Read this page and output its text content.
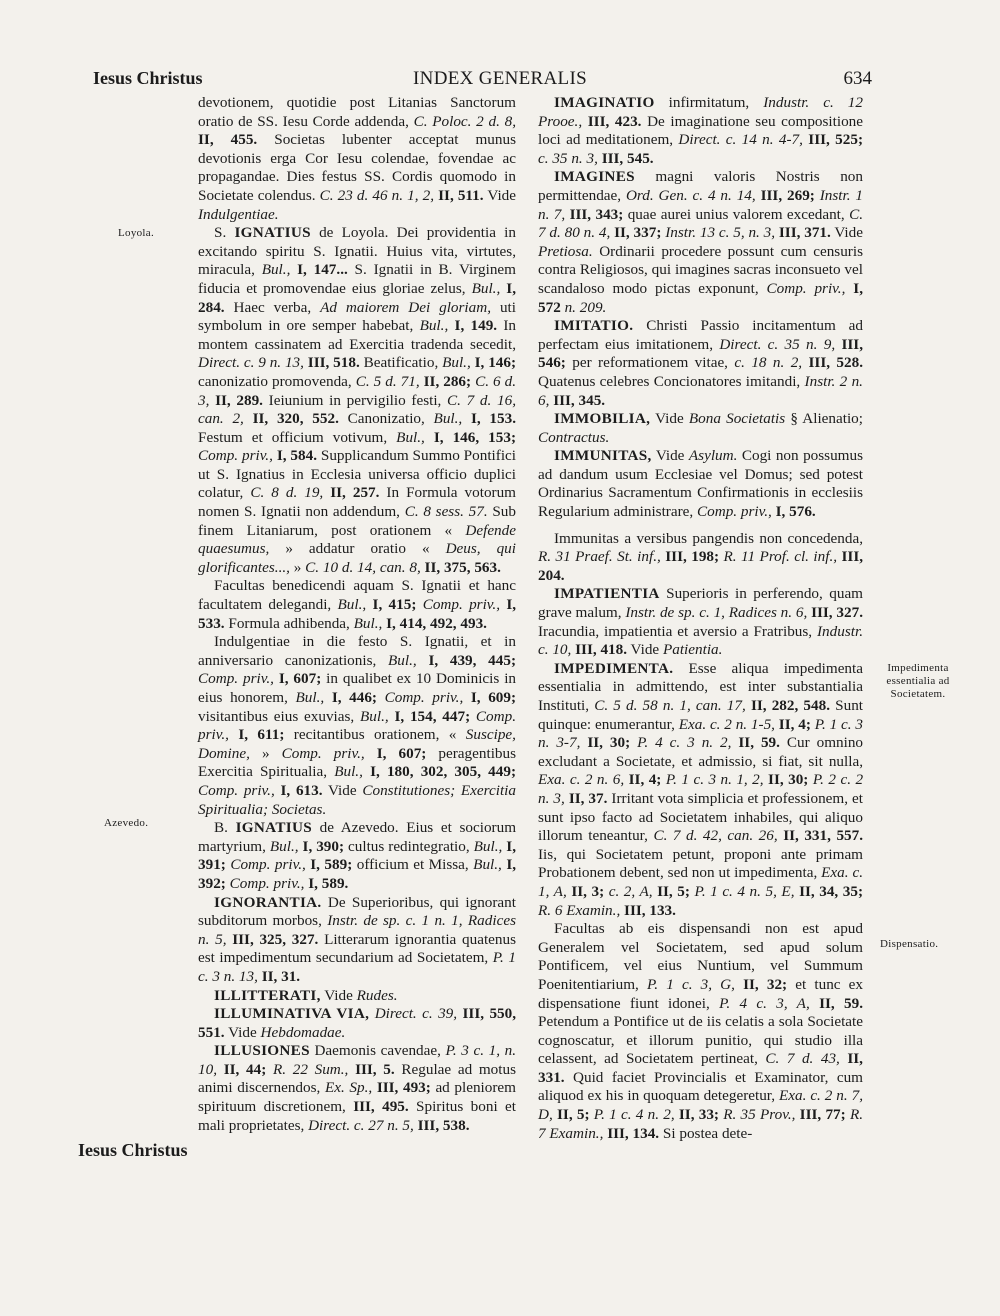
Iesus Christus	INDEX GENERALIS	634

devotionem, quotidie post Litanias Sanctorum oratio de SS. Iesu Corde addenda, C. Poloc. 2 d. 8, II, 455. Societas lubenter acceptat munus devotionis erga Cor Iesu colendae, fovendae ac propagandae. Dies festus SS. Cordis quomodo in Societate colendus. C. 23 d. 46 n. 1, 2, II, 511. Vide Indulgentiae.

S. IGNATIUS de Loyola. Dei providentia in excitando spiritu S. Ignatii. Huius vita, virtutes, miracula, Bul., I, 147... S. Ignatii in B. Virginem fiducia et promovendae eius gloriae zelus, Bul., I, 284. Haec verba, Ad maiorem Dei gloriam, uti symbolum in ore semper habebat, Bul., I, 149. In montem cassinatem ad Exercitia tradenda secedit, Direct. c. 9 n. 13, III, 518. Beatificatio, Bul., I, 146; canonizatio promovenda, C. 5 d. 71, II, 286; C. 6 d. 3, II, 289. Ieiunium in pervigilio festi, C. 7 d. 16, can. 2, II, 320, 552. Canonizatio, Bul., I, 153. Festum et officium votivum, Bul., I, 146, 153; Comp. priv., I, 584. Supplicandum Summo Pontifici ut S. Ignatius in Ecclesia universa officio duplici colatur, C. 8 d. 19, II, 257. In Formula votorum nomen S. Ignatii non addendum, C. 8 sess. 57. Sub finem Litaniarum, post orationem « Defende quaesumus, » addatur oratio « Deus, qui glorificantes..., » C. 10 d. 14, can. 8, II, 375, 563.

Facultas benedicendi aquam S. Ignatii et hanc facultatem delegandi, Bul., I, 415; Comp. priv., I, 533. Formula adhibenda, Bul., I, 414, 492, 493.

Indulgentiae in die festo S. Ignatii, et in anniversario canonizationis, Bul., I, 439, 445; Comp. priv., I, 607; in qualibet ex 10 Dominicis in eius honorem, Bul., I, 446; Comp. priv., I, 609; visitantibus eius exuvias, Bul., I, 154, 447; Comp. priv., I, 611; recitantibus orationem, « Suscipe, Domine, » Comp. priv., I, 607; peragentibus Exercitia Spiritualia, Bul., I, 180, 302, 305, 449; Comp. priv., I, 613. Vide Constitutiones; Exercitia Spiritualia; Societas.

B. IGNATIUS de Azevedo. Eius et sociorum martyrium, Bul., I, 390; cultus redintegratio, Bul., I, 391; Comp. priv., I, 589; officium et Missa, Bul., I, 392; Comp. priv., I, 589.

IGNORANTIA. De Superioribus, qui ignorant subditorum morbos, Instr. de sp. c. 1 n. 1, Radices n. 5, III, 325, 327. Litterarum ignorantia quatenus est impedimentum secundarium ad Societatem, P. 1 c. 3 n. 13, II, 31.

ILLITTERATI, Vide Rudes.

ILLUMINATIVA VIA, Direct. c. 39, III, 550, 551. Vide Hebdomadae.

ILLUSIONES Daemonis cavendae, P. 3 c. 1, n. 10, II, 44; R. 22 Sum., III, 5. Regulae ad motus animi discernendos, Ex. Sp., III, 493; ad pleniorem spirituum discretionem, III, 495. Spiritus boni et mali proprietates, Direct. c. 27 n. 5, III, 538.

IMAGINATIO infirmitatum, Industr. c. 12 Prooe., III, 423. De imaginatione seu compositione loci ad meditationem, Direct. c. 14 n. 4-7, III, 525; c. 35 n. 3, III, 545.

IMAGINES magni valoris Nostris non permittendae, Ord. Gen. c. 4 n. 14, III, 269; Instr. 1 n. 7, III, 343; quae aurei unius valorem excedant, C. 7 d. 80 n. 4, II, 337; Instr. 13 c. 5, n. 3, III, 371. Vide Pretiosa. Ordinarii procedere possunt cum censuris contra Religiosos, qui imagines sacras inconsueto vel scandaloso modo pictas exponunt, Comp. priv., I, 572 n. 209.

IMITATIO. Christi Passio incitamentum ad perfectam eius imitationem, Direct. c. 35 n. 9, III, 546; per reformationem vitae, c. 18 n. 2, III, 528. Quatenus celebres Concionatores imitandi, Instr. 2 n. 6, III, 345.

IMMOBILIA, Vide Bona Societatis § Alienatio; Contractus.

IMMUNITAS, Vide Asylum. Cogi non possumus ad dandum usum Ecclesiae vel Domus; sed potest Ordinarius Sacramentum Confirmationis in ecclesiis Regularium administrare, Comp. priv., I, 576.

Immunitas a versibus pangendis non concedenda, R. 31 Praef. St. inf., III, 198; R. 11 Prof. cl. inf., III, 204.

IMPATIENTIA Superioris in perferendo, quam grave malum, Instr. de sp. c. 1, Radices n. 6, III, 327. Iracundia, impatientia et aversio a Fratribus, Industr. c. 10, III, 418. Vide Patientia.

IMPEDIMENTA. Esse aliqua impedimenta essentialia in admittendo, est inter substantialia Instituti, C. 5 d. 58 n. 1, can. 17, II, 282, 548. Sunt quinque: enumerantur, Exa. c. 2 n. 1-5, II, 4; P. 1 c. 3 n. 3-7, II, 30; P. 4 c. 3 n. 2, II, 59. Cur omnino excludant a Societate, et admissio, si fiat, sit nulla, Exa. c. 2 n. 6, II, 4; P. 1 c. 3 n. 1, 2, II, 30; P. 2 c. 2 n. 3, II, 37. Irritant vota simplicia et professionem, et sunt ipso facto ad Societatem inhabiles, qui aliquo illorum teneantur, C. 7 d. 42, can. 26, II, 331, 557. Iis, qui Societatem petunt, proponi ante primam Probationem debent, sed non ut impedimenta, Exa. c. 1, A, II, 3; c. 2, A, II, 5; P. 1 c. 4 n. 5, E, II, 34, 35; R. 6 Examin., III, 133.

Facultas ab eis dispensandi non est apud Generalem vel Societatem, sed apud solum Pontificem, vel eius Nuntium, vel Summum Poenitentiarium, P. 1 c. 3, G, II, 32; et tunc ex dispensatione fiunt idonei, P. 4 c. 3, A, II, 59. Petendum a Pontifice ut de iis celatis a sola Societate cognoscatur, et illorum punitio, qui studio illa celassent, ad Societatem pertineat, C. 7 d. 43, II, 331. Quid faciet Provincialis et Examinator, cum aliquod ex his in quoquam detegeretur, Exa. c. 2 n. 7, D, II, 5; P. 1 c. 4 n. 2, II, 33; R. 35 Prov., III, 77; R. 7 Examin., III, 134. Si postea dete-

Loyola.
Azevedo.
Impedimenta essentialia ad Societatem.
Dispensatio.
Iesus Christus
